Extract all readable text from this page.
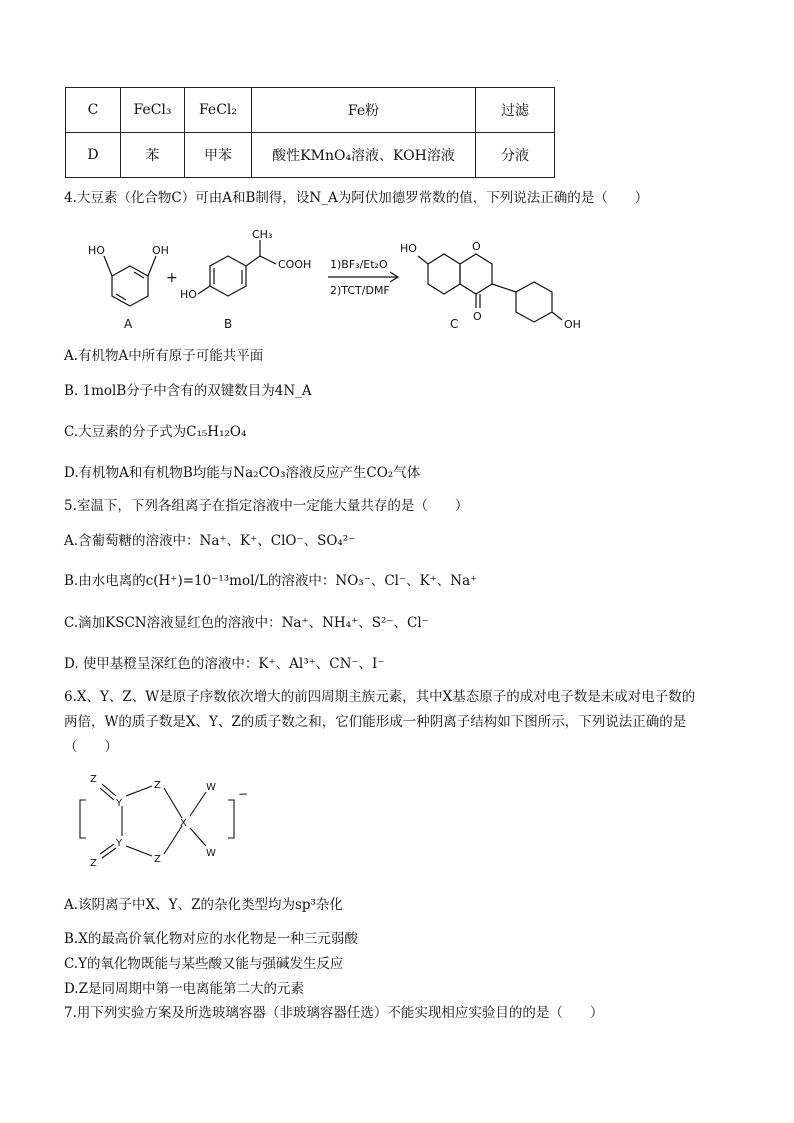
C	FeCl₃	FeCl₂	Fe粉	过滤
D	苯	甲苯	酸性KMnO₄溶液、KOH溶液	分液
4.大豆素（化合物C）可由A和B制得，设N_A为阿伏加德罗常数的值，下列说法正确的是（　　）
HO	OH
A
+
HO
CH₃
COOH
B
1)BF₃/Et₂O
2)TCT/DMF
HO	O
O
C	OH
A.有机物A中所有原子可能共平面
B. 1molB分子中含有的双键数目为4N_A
C.大豆素的分子式为C₁₅H₁₂O₄
D.有机物A和有机物B均能与Na₂CO₃溶液反应产生CO₂气体
5.室温下，下列各组离子在指定溶液中一定能大量共存的是（　　）
A.含葡萄糖的溶液中：Na⁺、K⁺、ClO⁻、SO₄²⁻
B.由水电离的c(H⁺)=10⁻¹³mol/L的溶液中：NO₃⁻、Cl⁻、K⁺、Na⁺
C.滴加KSCN溶液显红色的溶液中：Na⁺、NH₄⁺、S²⁻、Cl⁻
D. 使甲基橙呈深红色的溶液中：K⁺、Al³⁺、CN⁻、I⁻
6.X、Y、Z、W是原子序数依次增大的前四周期主族元素，其中X基态原子的成对电子数是未成对电子数的
两倍，W的质子数是X、Y、Z的质子数之和，它们能形成一种阴离子结构如下图所示，下列说法正确的是
（　　）
Z
Y
Z
X
W
Y
Z
Z
W
−
A.该阴离子中X、Y、Z的杂化类型均为sp³杂化
B.X的最高价氧化物对应的水化物是一种三元弱酸
C.Y的氧化物既能与某些酸又能与强碱发生反应
D.Z是同周期中第一电离能第二大的元素
7.用下列实验方案及所选玻璃容器（非玻璃容器任选）不能实现相应实验目的的是（　　）
